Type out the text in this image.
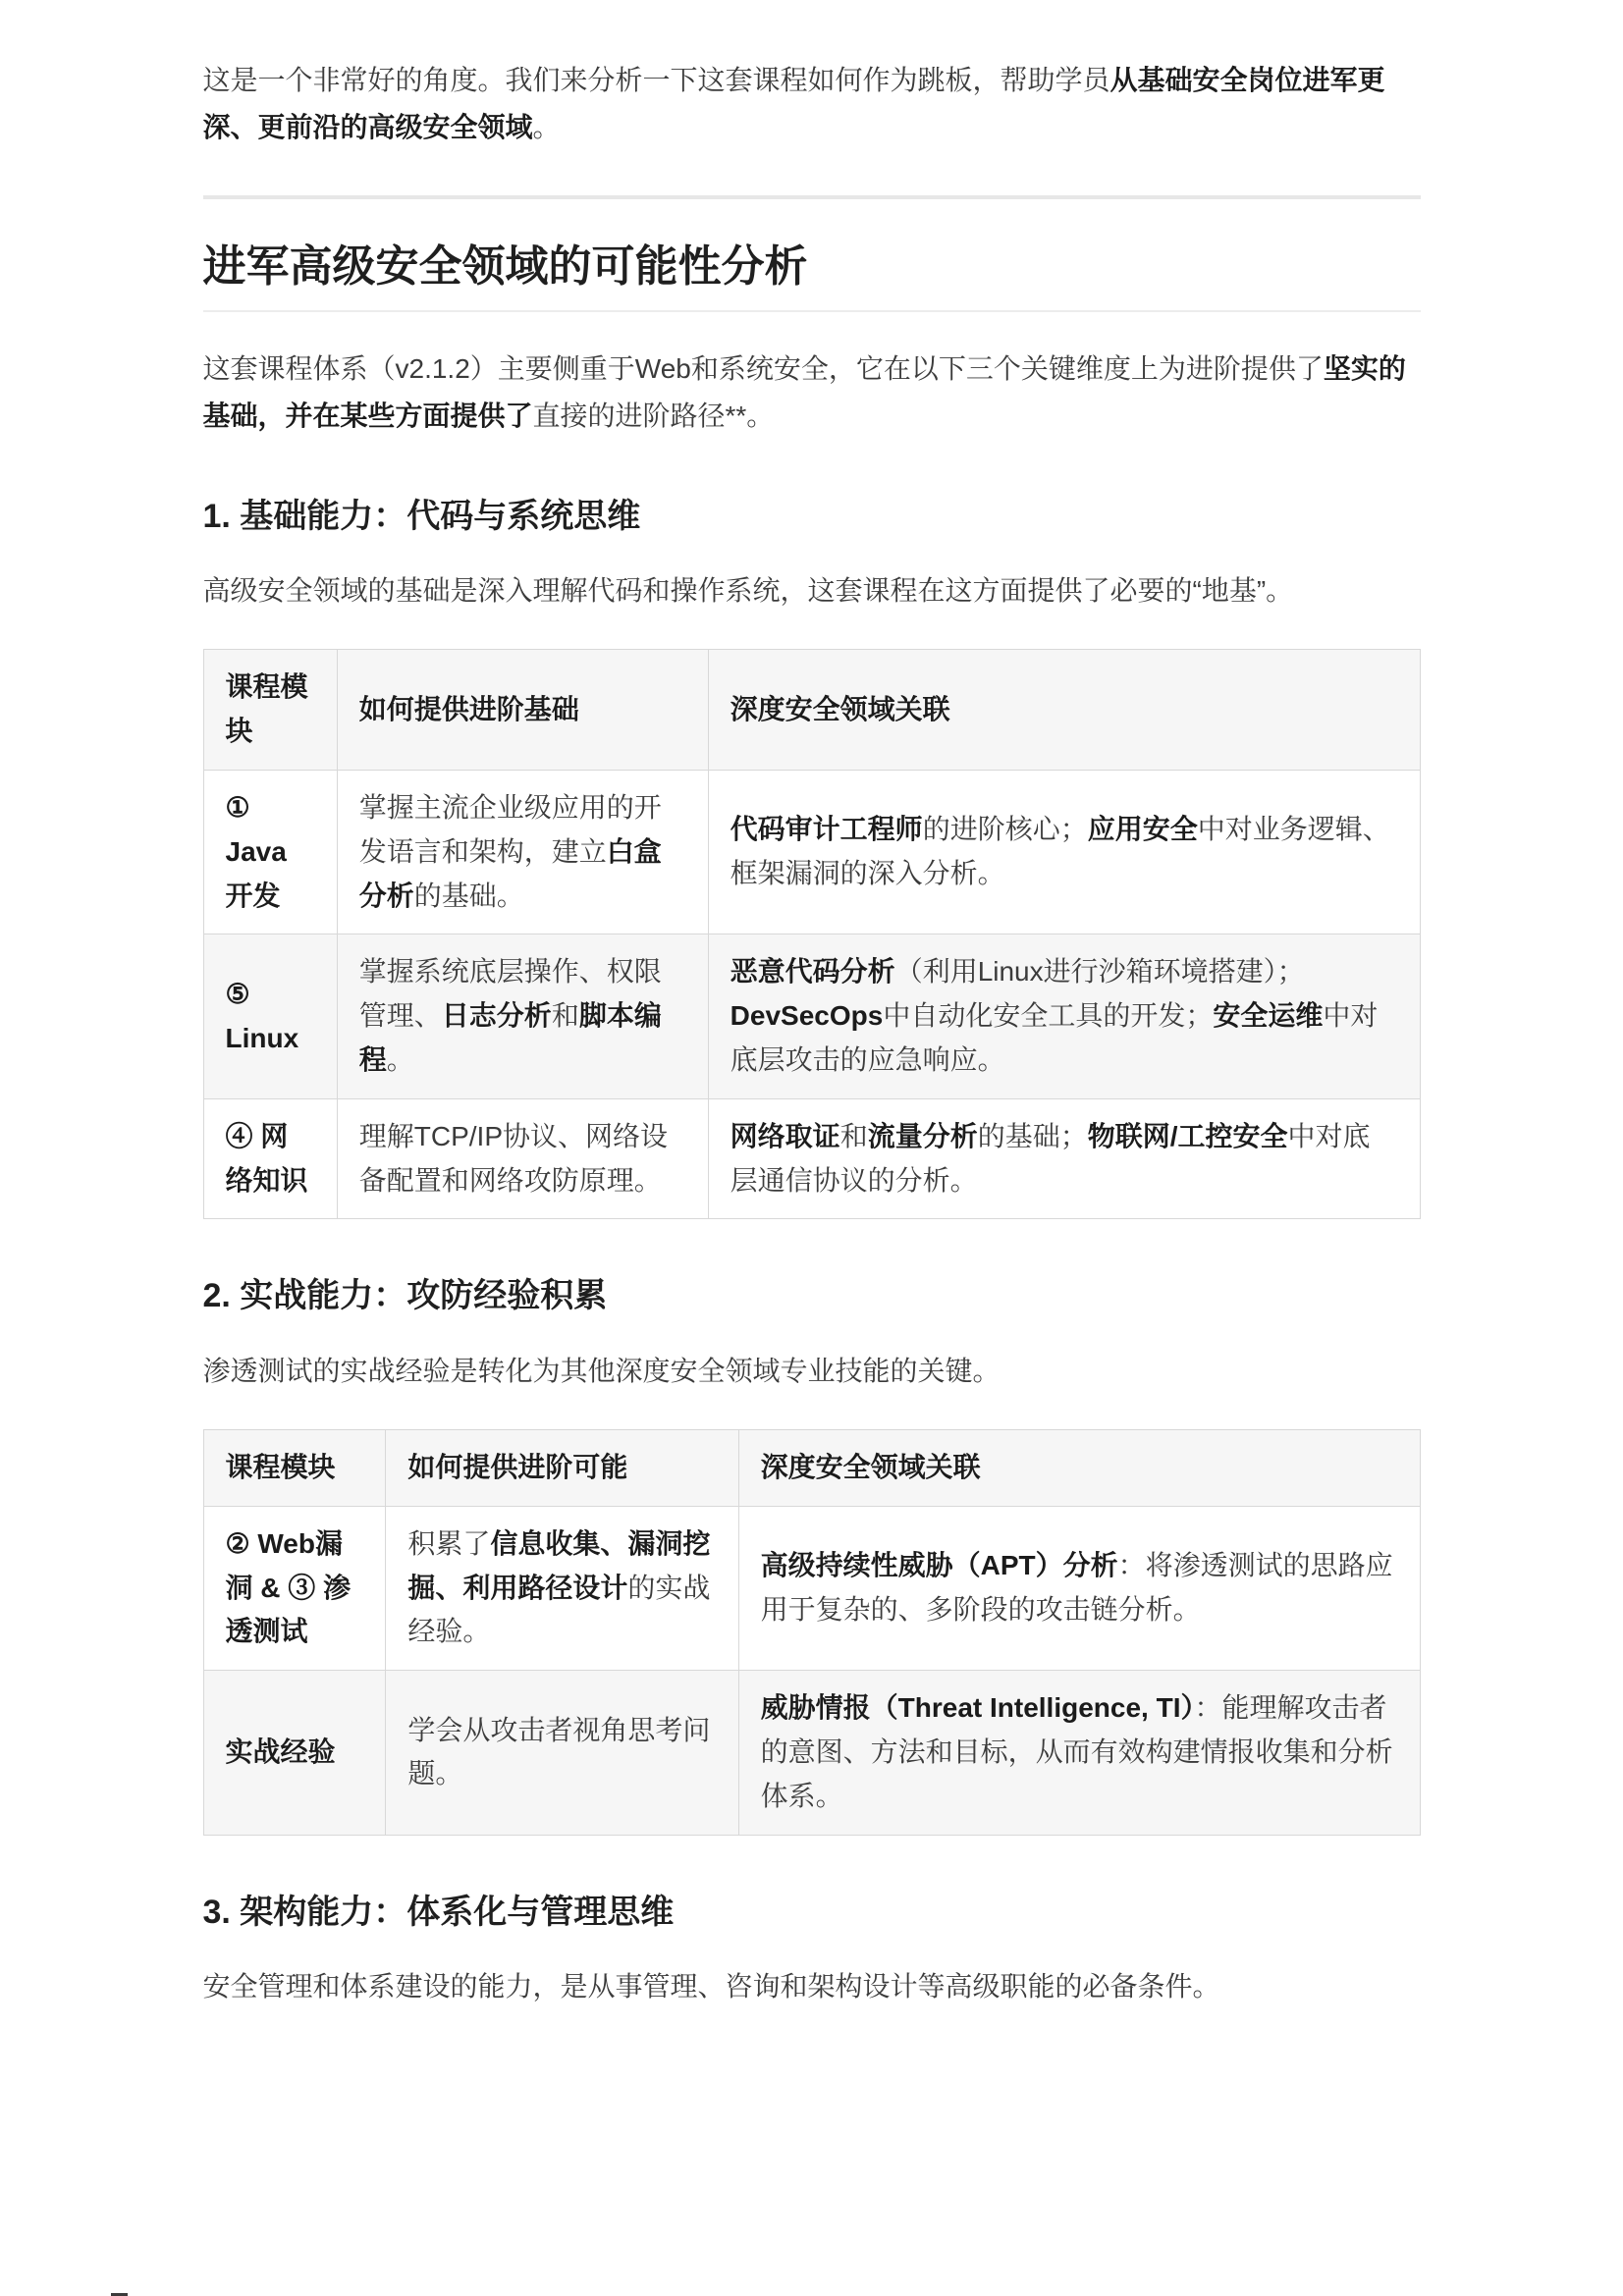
这是一个非常好的角度。我们来分析一下这套课程如何作为跳板，帮助学员从基础安全岗位进军更深、更前沿的高级安全领域。

进军高级安全领域的可能性分析

这套课程体系（v2.1.2）主要侧重于Web和系统安全，它在以下三个关键维度上为进阶提供了坚实的基础，并在某些方面提供了直接的进阶路径**。

1. 基础能力：代码与系统思维

高级安全领域的基础是深入理解代码和操作系统，这套课程在这方面提供了必要的“地基”。

课程模块	如何提供进阶基础	深度安全领域关联
① Java 开发	掌握主流企业级应用的开发语言和架构，建立白盒分析的基础。	代码审计工程师的进阶核心；应用安全中对业务逻辑、框架漏洞的深入分析。
⑤ Linux	掌握系统底层操作、权限管理、日志分析和脚本编程。	恶意代码分析（利用Linux进行沙箱环境搭建）；DevSecOps中自动化安全工具的开发；安全运维中对底层攻击的应急响应。
④ 网络知识	理解TCP/IP协议、网络设备配置和网络攻防原理。	网络取证和流量分析的基础；物联网/工控安全中对底层通信协议的分析。
2. 实战能力：攻防经验积累

渗透测试的实战经验是转化为其他深度安全领域专业技能的关键。

课程模块	如何提供进阶可能	深度安全领域关联
② Web漏洞 & ③ 渗透测试	积累了信息收集、漏洞挖掘、利用路径设计的实战经验。	高级持续性威胁（APT）分析：将渗透测试的思路应用于复杂的、多阶段的攻击链分析。
实战经验	学会从攻击者视角思考问题。	威胁情报（Threat Intelligence, TI）：能理解攻击者的意图、方法和目标，从而有效构建情报收集和分析体系。
3. 架构能力：体系化与管理思维

安全管理和体系建设的能力，是从事管理、咨询和架构设计等高级职能的必备条件。
